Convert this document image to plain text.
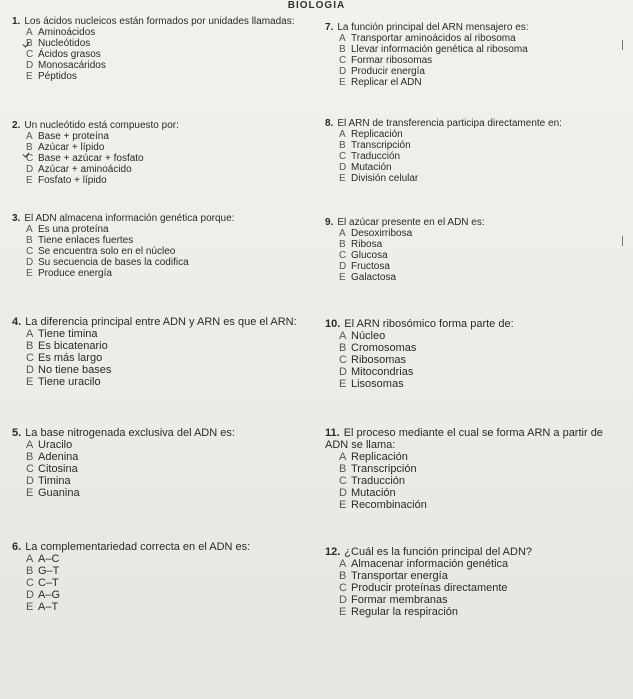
BIOLOGIA
1. Los ácidos nucleicos están formados por unidades llamadas:
A Aminoácidos
B Nucleótidos
C Ácidos grasos
D Monosacáridos
E Péptidos
2. Un nucleótido está compuesto por:
A Base + proteína
B Azúcar + lípido
C Base + azúcar + fosfato
D Azúcar + aminoácido
E Fosfato + lípido
3. El ADN almacena información genética porque:
A Es una proteína
B Tiene enlaces fuertes
C Se encuentra solo en el núcleo
D Su secuencia de bases la codifica
E Produce energía
4. La diferencia principal entre ADN y ARN es que el ARN:
A Tiene timina
B Es bicatenario
C Es más largo
D No tiene bases
E Tiene uracilo
5. La base nitrogenada exclusiva del ADN es:
A Uracilo
B Adenina
C Citosina
D Timina
E Guanina
6. La complementariedad correcta en el ADN es:
A A–C
B G–T
C C–T
D A–G
E A–T
7. La función principal del ARN mensajero es:
A Transportar aminoácidos al ribosoma
B Llevar información genética al ribosoma
C Formar ribosomas
D Producir energía
E Replicar el ADN
8. El ARN de transferencia participa directamente en:
A Replicación
B Transcripción
C Traducción
D Mutación
E División celular
9. El azúcar presente en el ADN es:
A Desoxirribosa
B Ribosa
C Glucosa
D Fructosa
E Galactosa
10. El ARN ribosómico forma parte de:
A Núcleo
B Cromosomas
C Ribosomas
D Mitocondrias
E Lisosomas
11. El proceso mediante el cual se forma ARN a partir de ADN se llama:
A Replicación
B Transcripción
C Traducción
D Mutación
E Recombinación
12. ¿Cuál es la función principal del ADN?
A Almacenar información genética
B Transportar energía
C Producir proteínas directamente
D Formar membranas
E Regular la respiración
